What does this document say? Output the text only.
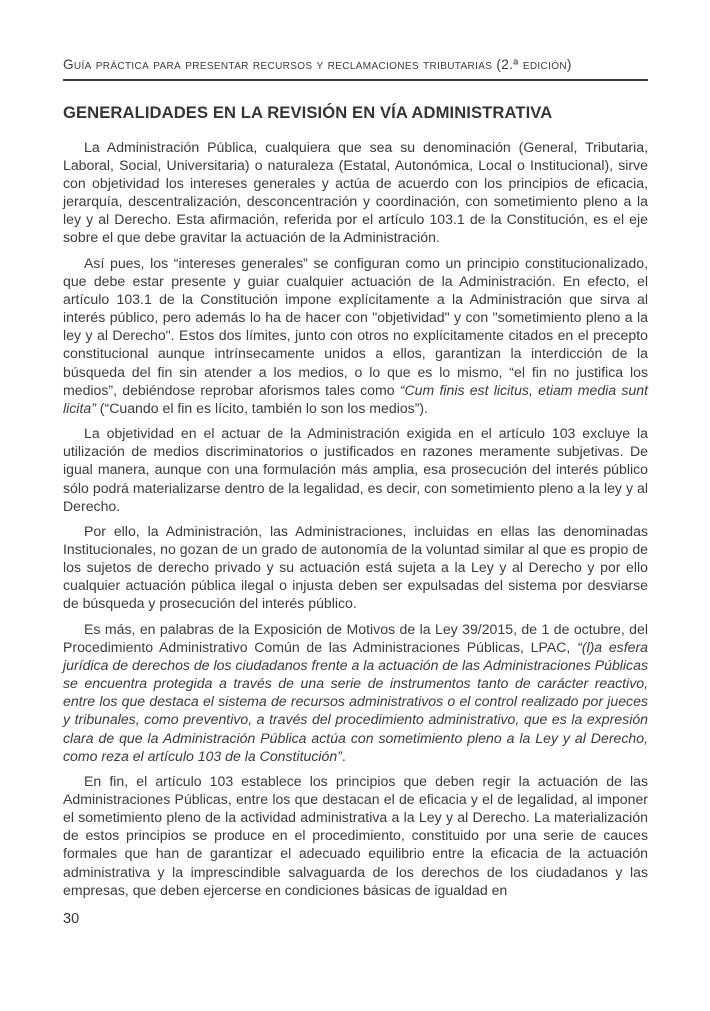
Guía práctica para presentar recursos y reclamaciones tributarias (2.ª edición)
GENERALIDADES EN LA REVISIÓN EN VÍA ADMINISTRATIVA

La Administración Pública, cualquiera que sea su denominación (General, Tributaria, Laboral, Social, Universitaria) o naturaleza (Estatal, Autonómica, Local o Institucional), sirve con objetividad los intereses generales y actúa de acuerdo con los principios de eficacia, jerarquía, descentralización, desconcentración y coordinación, con sometimiento pleno a la ley y al Derecho. Esta afirmación, referida por el artículo 103.1 de la Constitución, es el eje sobre el que debe gravitar la actuación de la Administración.

Así pues, los “intereses generales” se configuran como un principio constitucionalizado, que debe estar presente y guiar cualquier actuación de la Administración. En efecto, el artículo 103.1 de la Constitución impone explícitamente a la Administración que sirva al interés público, pero además lo ha de hacer con "objetividad" y con "sometimiento pleno a la ley y al Derecho". Estos dos límites, junto con otros no explícitamente citados en el precepto constitucional aunque intrínsecamente unidos a ellos, garantizan la interdicción de la búsqueda del fin sin atender a los medios, o lo que es lo mismo, “el fin no justifica los medios”, debiéndose reprobar aforismos tales como “Cum finis est licitus, etiam media sunt licita” (“Cuando el fin es lícito, también lo son los medios”).

La objetividad en el actuar de la Administración exigida en el artículo 103 excluye la utilización de medios discriminatorios o justificados en razones meramente subjetivas. De igual manera, aunque con una formulación más amplia, esa prosecución del interés público sólo podrá materializarse dentro de la legalidad, es decir, con sometimiento pleno a la ley y al Derecho.

Por ello, la Administración, las Administraciones, incluidas en ellas las denominadas Institucionales, no gozan de un grado de autonomía de la voluntad similar al que es propio de los sujetos de derecho privado y su actuación está sujeta a la Ley y al Derecho y por ello cualquier actuación pública ilegal o injusta deben ser expulsadas del sistema por desviarse de búsqueda y prosecución del interés público.

Es más, en palabras de la Exposición de Motivos de la Ley 39/2015, de 1 de octubre, del Procedimiento Administrativo Común de las Administraciones Públicas, LPAC, “(l)a esfera jurídica de derechos de los ciudadanos frente a la actuación de las Administraciones Públicas se encuentra protegida a través de una serie de instrumentos tanto de carácter reactivo, entre los que destaca el sistema de recursos administrativos o el control realizado por jueces y tribunales, como preventivo, a través del procedimiento administrativo, que es la expresión clara de que la Administración Pública actúa con sometimiento pleno a la Ley y al Derecho, como reza el artículo 103 de la Constitución”.

En fin, el artículo 103 establece los principios que deben regir la actuación de las Administraciones Públicas, entre los que destacan el de eficacia y el de legalidad, al imponer el sometimiento pleno de la actividad administrativa a la Ley y al Derecho. La materialización de estos principios se produce en el procedimiento, constituido por una serie de cauces formales que han de garantizar el adecuado equilibrio entre la eficacia de la actuación administrativa y la imprescindible salvaguarda de los derechos de los ciudadanos y las empresas, que deben ejercerse en condiciones básicas de igualdad en

30
